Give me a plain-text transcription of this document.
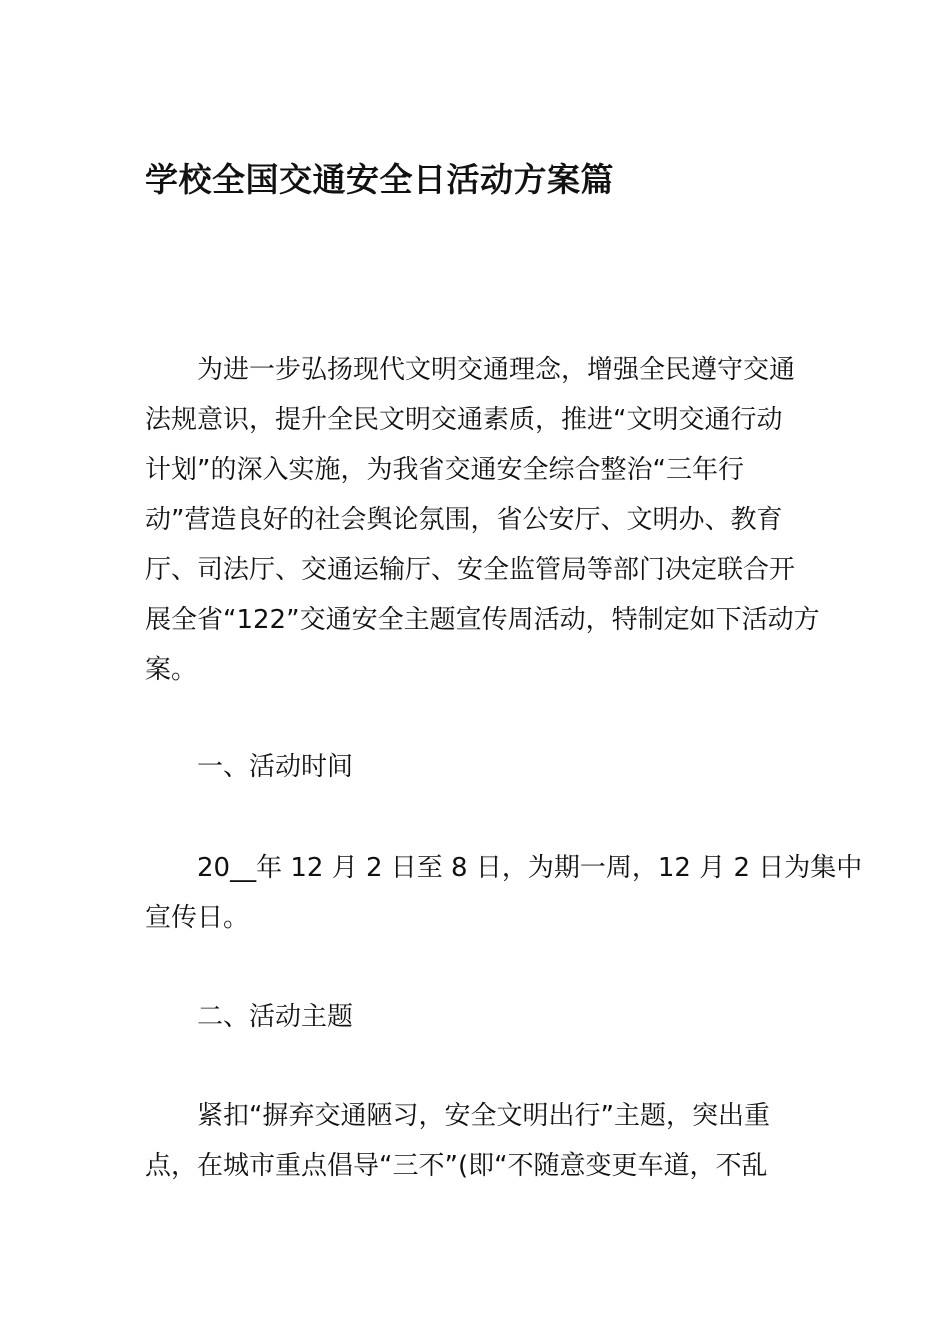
学校全国交通安全日活动方案篇
为进一步弘扬现代文明交通理念，增强全民遵守交通
法规意识，提升全民文明交通素质，推进“文明交通行动
计划”的深入实施，为我省交通安全综合整治“三年行
动”营造良好的社会舆论氛围，省公安厅、文明办、教育
厅、司法厅、交通运输厅、安全监管局等部门决定联合开
展全省“122”交通安全主题宣传周活动，特制定如下活动方
案。
一、活动时间
20__年 12 月 2 日至 8 日，为期一周，12 月 2 日为集中
宣传日。
二、活动主题
紧扣“摒弃交通陋习，安全文明出行”主题，突出重
点，在城市重点倡导“三不”(即“不随意变更车道，不乱
